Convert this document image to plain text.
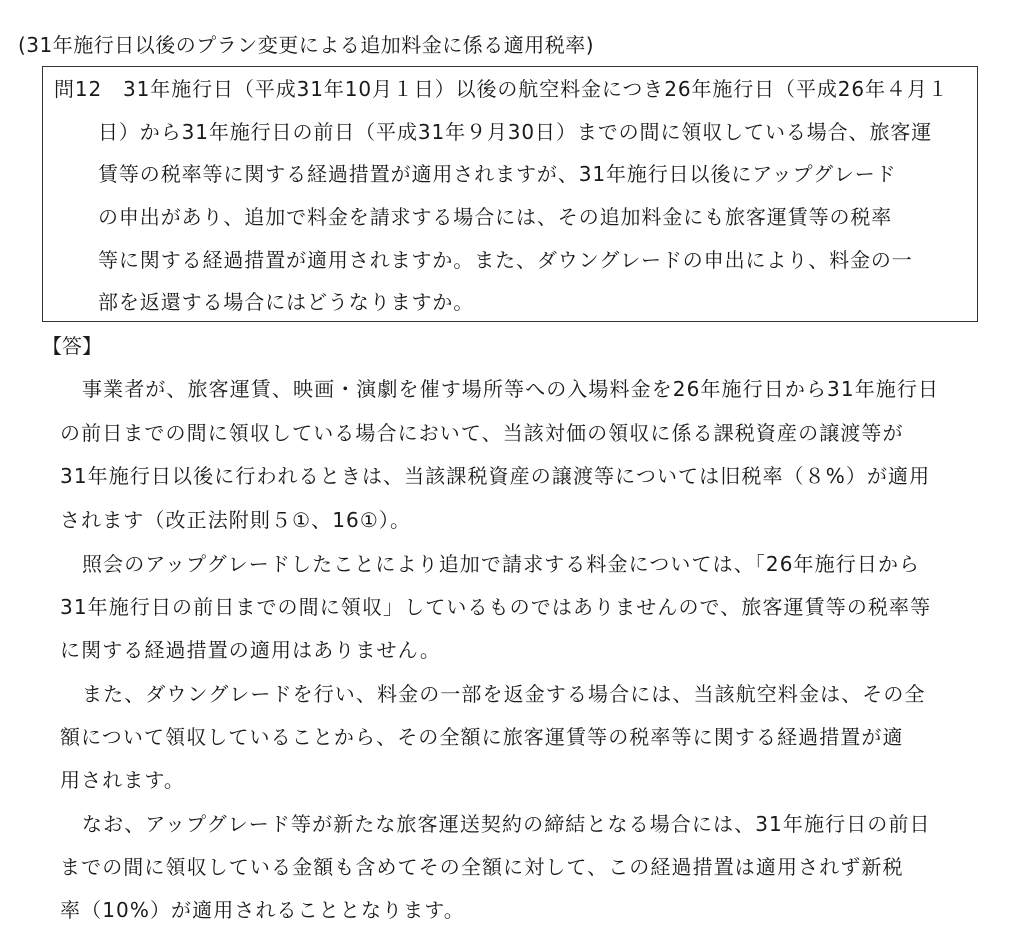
(31年施行日以後のプラン変更による追加料金に係る適用税率)
問12　31年施行日（平成31年10月１日）以後の航空料金につき26年施行日（平成26年４月１
日）から31年施行日の前日（平成31年９月30日）までの間に領収している場合、旅客運
賃等の税率等に関する経過措置が適用されますが、31年施行日以後にアップグレード
の申出があり、追加で料金を請求する場合には、その追加料金にも旅客運賃等の税率
等に関する経過措置が適用されますか。また、ダウングレードの申出により、料金の一
部を返還する場合にはどうなりますか。
【答】
事業者が、旅客運賃、映画・演劇を催す場所等への入場料金を26年施行日から31年施行日
の前日までの間に領収している場合において、当該対価の領収に係る課税資産の譲渡等が
31年施行日以後に行われるときは、当該課税資産の譲渡等については旧税率（８%）が適用
されます（改正法附則５①、16①）。
照会のアップグレードしたことにより追加で請求する料金については、「26年施行日から
31年施行日の前日までの間に領収」しているものではありませんので、旅客運賃等の税率等
に関する経過措置の適用はありません。
また、ダウングレードを行い、料金の一部を返金する場合には、当該航空料金は、その全
額について領収していることから、その全額に旅客運賃等の税率等に関する経過措置が適
用されます。
なお、アップグレード等が新たな旅客運送契約の締結となる場合には、31年施行日の前日
までの間に領収している金額も含めてその全額に対して、この経過措置は適用されず新税
率（10%）が適用されることとなります。
